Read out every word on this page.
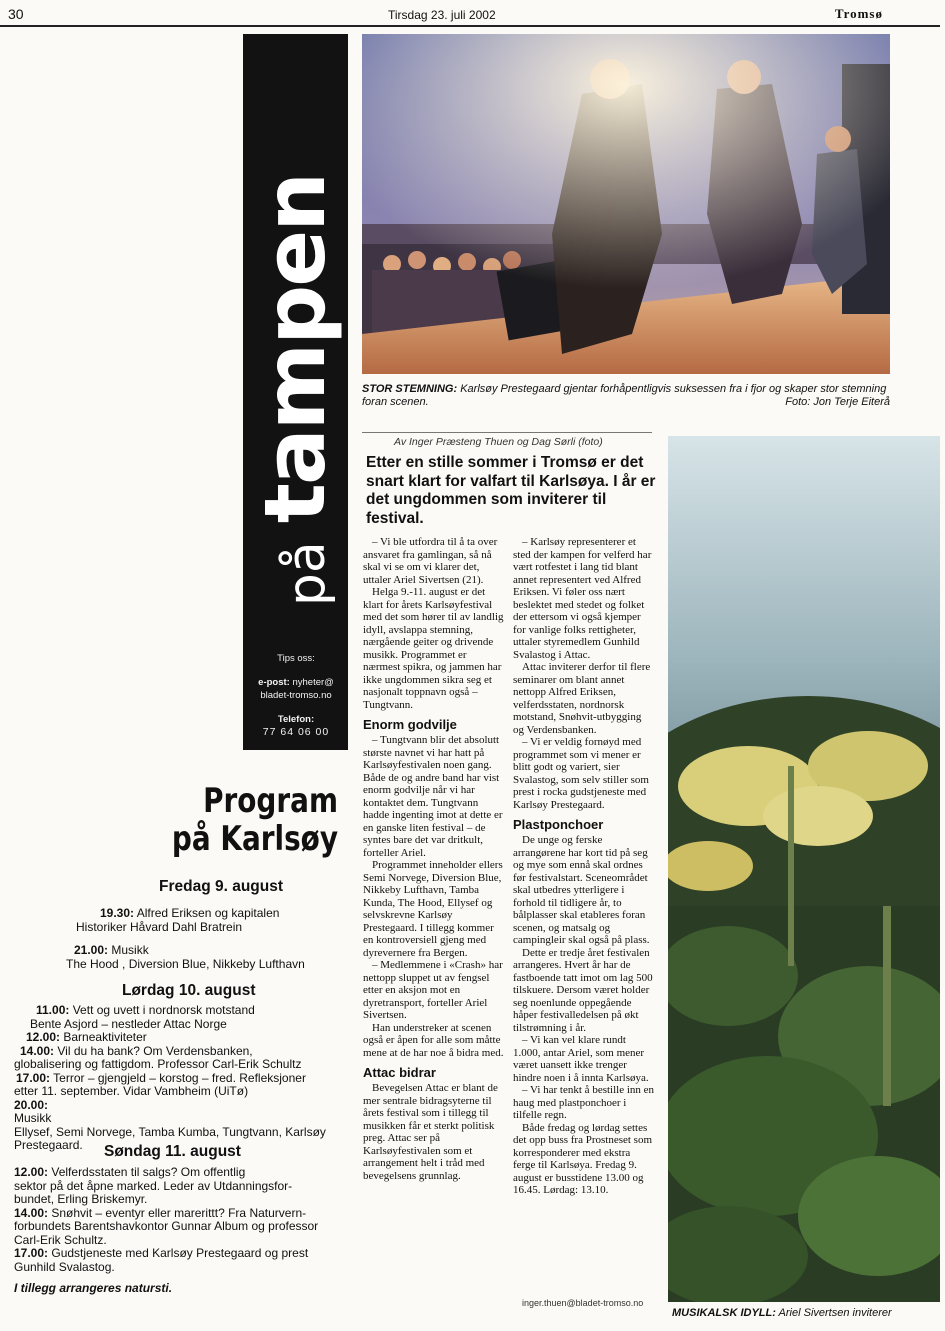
30	Tirsdag 23. juli 2002	Tromsø
påtampen
Tips oss:
e-post: nyheter@
bladet-tromso.no
Telefon:
77 64 06 00
STOR STEMNING: Karlsøy Prestegaard gjentar forhåpentligvis suksessen fra i fjor og skaper stor stemning foran scenen.	Foto: Jon Terje Eiterå
MUSIKALSK IDYLL: Ariel Sivertsen inviterer
Av Inger Præsteng Thuen og Dag Sørli (foto)
Etter en stille sommer i Tromsø er det snart klart for valfart til Karlsøya. I år er det ungdommen som inviterer til festival.

– Vi ble utfordra til å ta over ansvaret fra gamlingan, så nå skal vi se om vi klarer det, uttaler Ariel Sivertsen (21).

Helga 9.-11. august er det klart for årets Karlsøyfestival med det som hører til av landlig idyll, avslappa stemning, nærgående geiter og drivende musikk. Programmet er nærmest spikra, og jammen har ikke ungdommen sikra seg et nasjonalt toppnavn også – Tungtvann.

Enorm godvilje

– Tungtvann blir det absolutt største navnet vi har hatt på Karlsøyfestivalen noen gang. Både de og andre band har vist enorm godvilje når vi har kontaktet dem. Tungtvann hadde ingenting imot at dette er en ganske liten festival – de syntes bare det var dritkult, forteller Ariel.

Programmet inneholder ellers Semi Norvege, Diversion Blue, Nikkeby Lufthavn, Tamba Kunda, The Hood, Ellysef og selvskrevne Karlsøy Prestegaard. I tillegg kommer en kontroversiell gjeng med dyrevernere fra Bergen.

– Medlemmene i «Crash» har nettopp sluppet ut av fengsel etter en aksjon mot en dyretransport, forteller Ariel Sivertsen.

Han understreker at scenen også er åpen for alle som måtte mene at de har noe å bidra med.

Attac bidrar

Bevegelsen Attac er blant de mer sentrale bidragsyterne til årets festival som i tillegg til musikken får et sterkt politisk preg. Attac ser på Karlsøyfestivalen som et arrangement helt i tråd med bevegelsens grunnlag.

– Karlsøy representerer et sted der kampen for velferd har vært rotfestet i lang tid blant annet representert ved Alfred Eriksen. Vi føler oss nært beslektet med stedet og folket der ettersom vi også kjemper for vanlige folks rettigheter, uttaler styremedlem Gunhild Svalastog i Attac.

Attac inviterer derfor til flere seminarer om blant annet nettopp Alfred Eriksen, velferdsstaten, nordnorsk motstand, Snøhvit-utbygging og Verdensbanken.

– Vi er veldig fornøyd med programmet som vi mener er blitt godt og variert, sier Svalastog, som selv stiller som prest i rocka gudstjeneste med Karlsøy Prestegaard.

Plastponchoer

De unge og ferske arrangørene har kort tid på seg og mye som ennå skal ordnes før festivalstart. Sceneområdet skal utbedres ytterligere i forhold til tidligere år, to bålplasser skal etableres foran scenen, og matsalg og campingleir skal også på plass.

Dette er tredje året festivalen arrangeres. Hvert år har de fastboende tatt imot om lag 500 tilskuere. Dersom været holder seg noenlunde oppegående håper festivalledelsen på økt tilstrømning i år.

– Vi kan vel klare rundt 1.000, antar Ariel, som mener været uansett ikke trenger hindre noen i å innta Karlsøya.

– Vi har tenkt å bestille inn en haug med plastponchoer i tilfelle regn.

Både fredag og lørdag settes det opp buss fra Prostneset som korresponderer med ekstra ferge til Karlsøya. Fredag 9. august er busstidene 13.00 og 16.45. Lørdag: 13.10.

inger.thuen@bladet-tromso.no
Program
på Karlsøy
Fredag 9. august
19.30: Alfred Eriksen og kapitalen
Historiker Håvard Dahl Bratrein
21.00: Musikk
The Hood , Diversion Blue, Nikkeby Lufthavn
Lørdag 10. august
11.00: Vett og uvett i nordnorsk motstand
Bente Asjord – nestleder Attac Norge
12.00: Barneaktiviteter
14.00: Vil du ha bank? Om Verdensbanken,
globalisering og fattigdom. Professor Carl-Erik Schultz
17.00: Terror – gjengjeld – korstog – fred. Refleksjoner
etter 11. september. Vidar Vambheim (UiTø)
20.00:
Musikk
Ellysef, Semi Norvege, Tamba Kumba, Tungtvann, Karlsøy
Prestegaard.	Søndag 11. august
12.00: Velferdsstaten til salgs? Om offentlig
sektor på det åpne marked. Leder av Utdanningsfor-
bundet, Erling Briskemyr.
14.00: Snøhvit – eventyr eller marerittt? Fra Naturvern-
forbundets Barentshavkontor Gunnar Album og professor
Carl-Erik Schultz.
17.00: Gudstjeneste med Karlsøy Prestegaard og prest
Gunhild Svalastog.
I tillegg arrangeres natursti.
